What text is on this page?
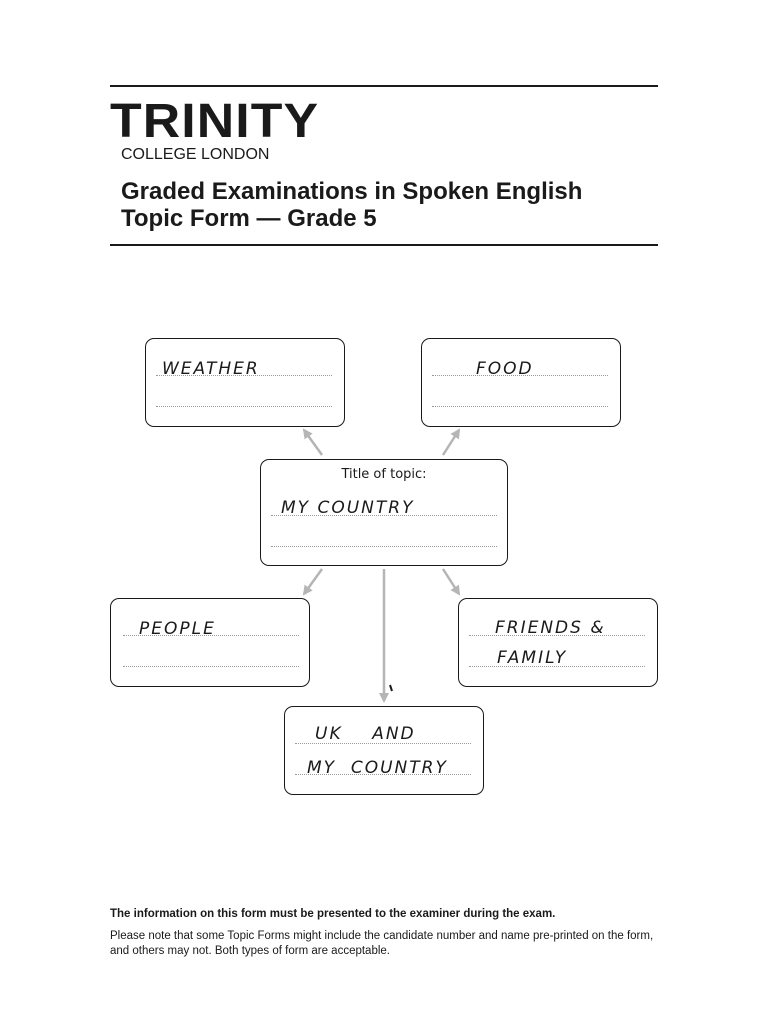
TRINITY
COLLEGE LONDON
Graded Examinations in Spoken English
Topic Form — Grade 5
WEATHER	FOOD
Title of topic:
MY COUNTRY
PEOPLE	FRIENDS &
FAMILY
UK    AND
MY  COUNTRY
The information on this form must be presented to the examiner during the exam.
Please note that some Topic Forms might include the candidate number and name pre-printed on the form, and others may not. Both types of form are acceptable.
